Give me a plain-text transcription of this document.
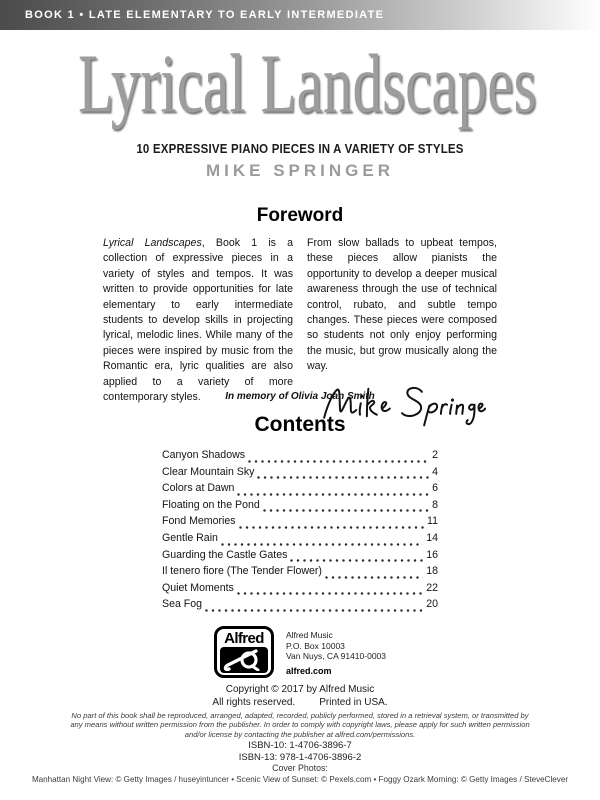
BOOK 1 • LATE ELEMENTARY TO EARLY INTERMEDIATE
Lyrical Landscapes
10 EXPRESSIVE PIANO PIECES IN A VARIETY OF STYLES
MIKE SPRINGER
Foreword
Lyrical Landscapes, Book 1 is a collection of expressive pieces in a variety of styles and tempos. It was written to provide opportunities for late elementary to early intermediate students to develop skills in projecting lyrical, melodic lines. While many of the pieces were inspired by music from the Romantic era, lyric qualities are also applied to a variety of more contemporary styles.
From slow ballads to upbeat tempos, these pieces allow pianists the opportunity to develop a deeper musical awareness through the use of technical control, rubato, and subtle tempo changes. These pieces were composed so students not only enjoy performing the music, but grow musically along the way.
In memory of Olivia Joan Smith
Contents
Canyon Shadows	2
Clear Mountain Sky	4
Colors at Dawn	6
Floating on the Pond	8
Fond Memories	11
Gentle Rain	14
Guarding the Castle Gates	16
Il tenero fiore (The Tender Flower)	18
Quiet Moments	22
Sea Fog	20
Alfred	Alfred Music
P.O. Box 10003
Van Nuys, CA 91410-0003
alfred.com
Copyright © 2017 by Alfred Music
All rights reserved. Printed in USA.
No part of this book shall be reproduced, arranged, adapted, recorded, publicly performed, stored in a retrieval system, or transmitted by any means without written permission from the publisher. In order to comply with copyright laws, please apply for such written permission and/or license by contacting the publisher at alfred.com/permissions.
ISBN-10: 1-4706-3896-7
ISBN-13: 978-1-4706-3896-2
Cover Photos:
Manhattan Night View: © Getty Images / huseyintuncer • Scenic View of Sunset: © Pexels.com • Foggy Ozark Morning: © Getty Images / SteveClever
